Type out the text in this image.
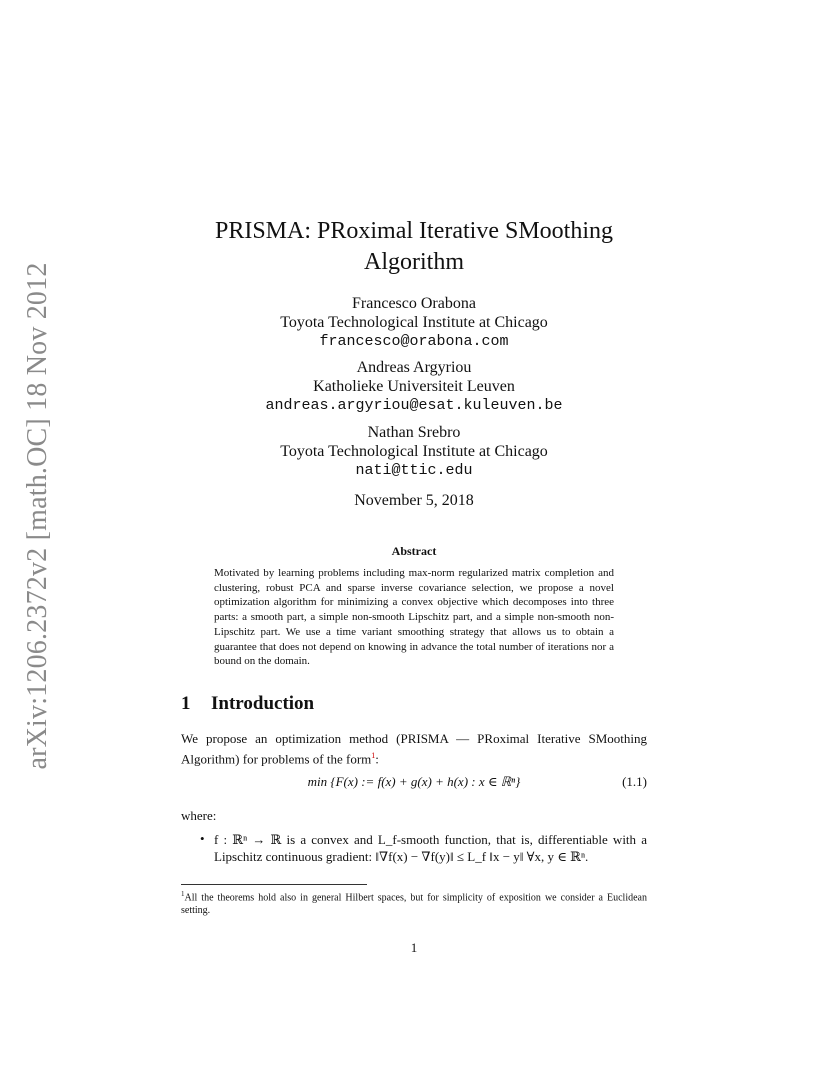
arXiv:1206.2372v2 [math.OC] 18 Nov 2012
PRISMA: PRoximal Iterative SMoothing
Algorithm
Francesco Orabona
Toyota Technological Institute at Chicago
francesco@orabona.com
Andreas Argyriou
Katholieke Universiteit Leuven
andreas.argyriou@esat.kuleuven.be
Nathan Srebro
Toyota Technological Institute at Chicago
nati@ttic.edu
November 5, 2018
Abstract
Motivated by learning problems including max-norm regularized matrix completion and clustering, robust PCA and sparse inverse covariance selection, we propose a novel optimization algorithm for minimizing a convex objective which decomposes into three parts: a smooth part, a simple non-smooth Lipschitz part, and a simple non-smooth non-Lipschitz part. We use a time variant smoothing strategy that allows us to obtain a guarantee that does not depend on knowing in advance the total number of iterations nor a bound on the domain.
1 Introduction
We propose an optimization method (PRISMA — PRoximal Iterative SMoothing Algorithm) for problems of the form$^1$:
min {F(x) := f(x) + g(x) + h(x) : x ∈ ℝⁿ}	(1.1)
where:
• f : ℝⁿ → ℝ is a convex and L_f-smooth function, that is, differentiable with a Lipschitz continuous gradient: ‖∇f(x) − ∇f(y)‖ ≤ L_f ‖x − y‖ ∀x, y ∈ ℝⁿ.
$^1$All the theorems hold also in general Hilbert spaces, but for simplicity of exposition we consider a Euclidean setting.
1
